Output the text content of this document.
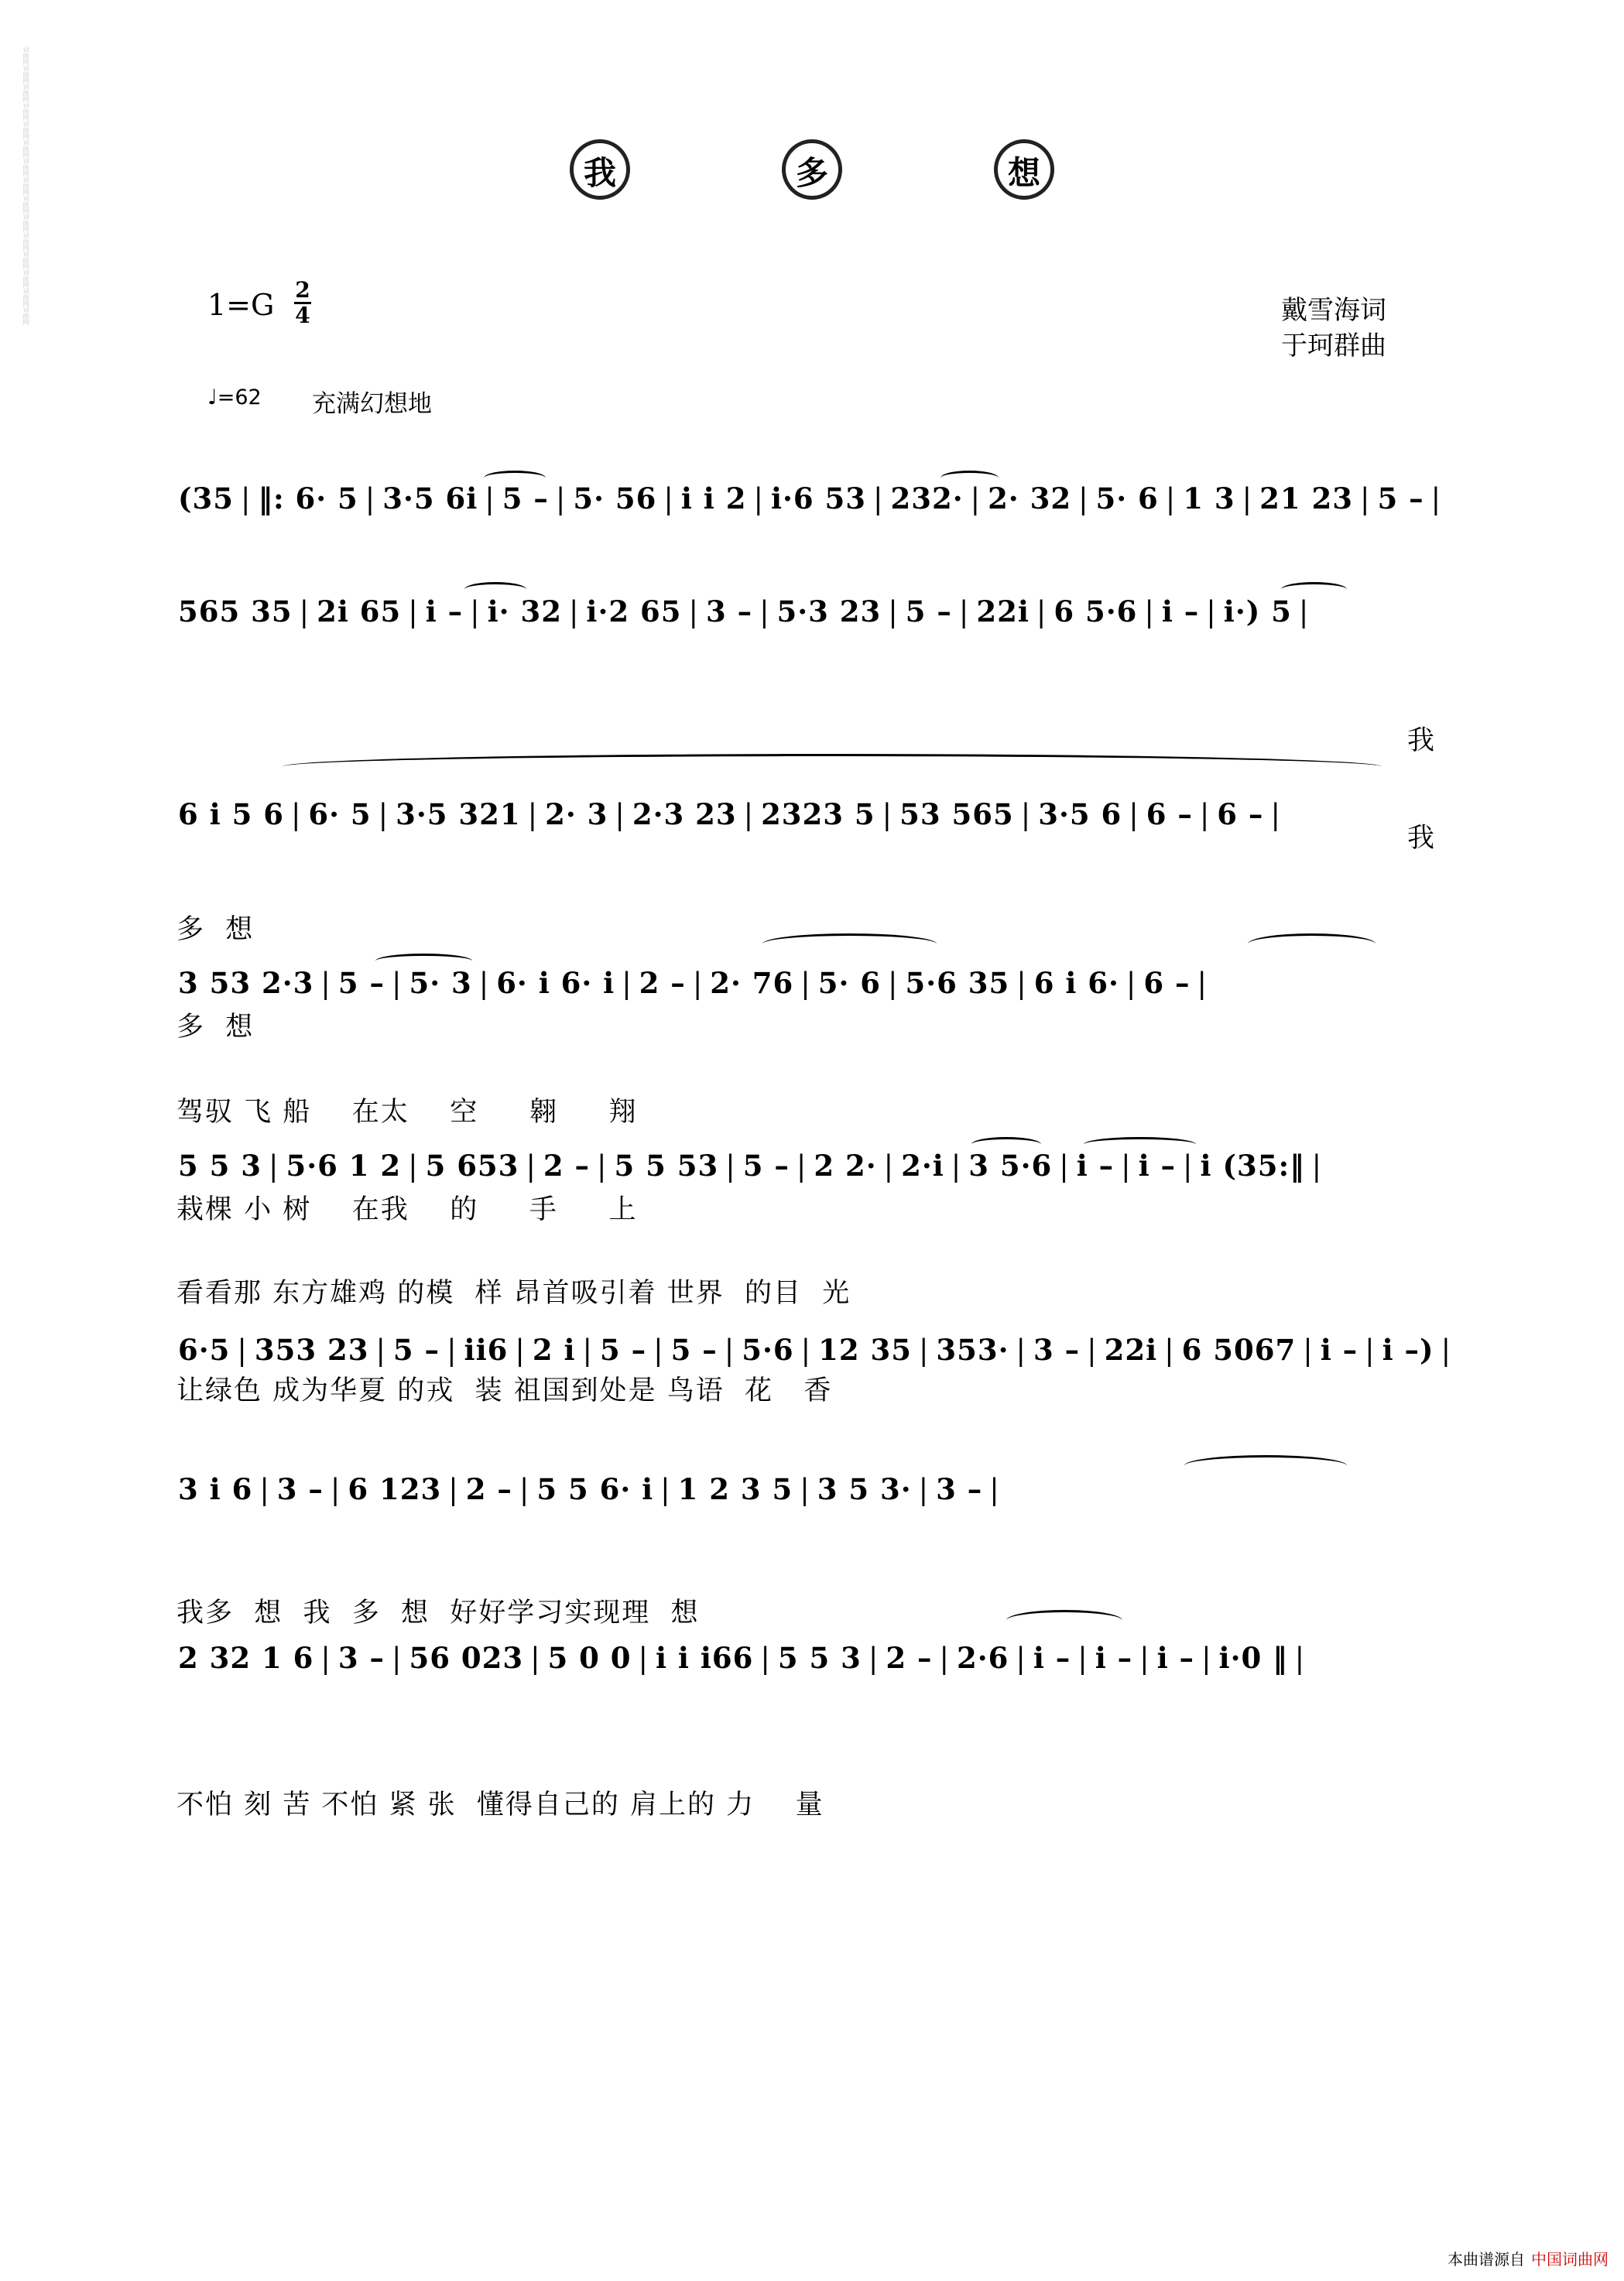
词曲网
词曲网
词曲网
词曲网
词曲网
词曲网
词曲网
词曲网
词曲网
词曲网
词曲网
词曲网
词曲网
词曲网
词曲网
我	多	想
1=G 2
4	戴雪海词
于珂群曲
♩=62 充满幻想地
(35 | ‖: 6· 5 | 3·5 6i | 5 – | 5· 56 | i i 2 | i·6 53 | 232· | 2· 32 | 5· 6 | 1 3 | 21 23 | 5 – |
565 35 | 2i 65 | i – | i· 32 | i·2 65 | 3 – | 5·3 23 | 5 – | 22i | 6 5·6 | i – | i·) 5 |

我

我

6 i 5 6 | 6· 5 | 3·5 321 | 2· 3 | 2·3 23 | 2323 5 | 53 565 | 3·5 6 | 6 – | 6 – |

多  想

多  想

3 53 2·3 | 5 – | 5· 3 | 6· i 6· i | 2 – | 2· 76 | 5· 6 | 5·6 35 | 6 i 6· | 6 – |

驾驭 飞 船    在太    空     翱     翔

栽棵 小 树    在我    的     手     上

5 5 3 | 5·6 1 2 | 5 653 | 2 – | 5 5 53 | 5 – | 2 2· | 2·i | 3 5·6 | i – | i – | i (35:‖ |

看看那 东方雄鸡 的模  样 昂首吸引着 世界  的目  光

让绿色 成为华夏 的戎  装 祖国到处是 鸟语  花   香

6·5 | 353 23 | 5 – | ii6 | 2 i | 5 – | 5 – | 5·6 | 12 35 | 353· | 3 – | 22i | 6 5067 | i – | i –) |
3 i 6 | 3 – | 6 123 | 2 – | 5 5 6· i | 1 2 3 5 | 3 5 3· | 3 – |

我多  想  我  多  想  好好学习实现理  想

2 32 1 6 | 3 – | 56 023 | 5 0 0 | i i i66 | 5 5 3 | 2 – | 2·6 | i – | i – | i – | i·0 ‖ |

不怕 刻 苦 不怕 紧 张  懂得自己的 肩上的 力    量

本曲谱源自 中国词曲网
